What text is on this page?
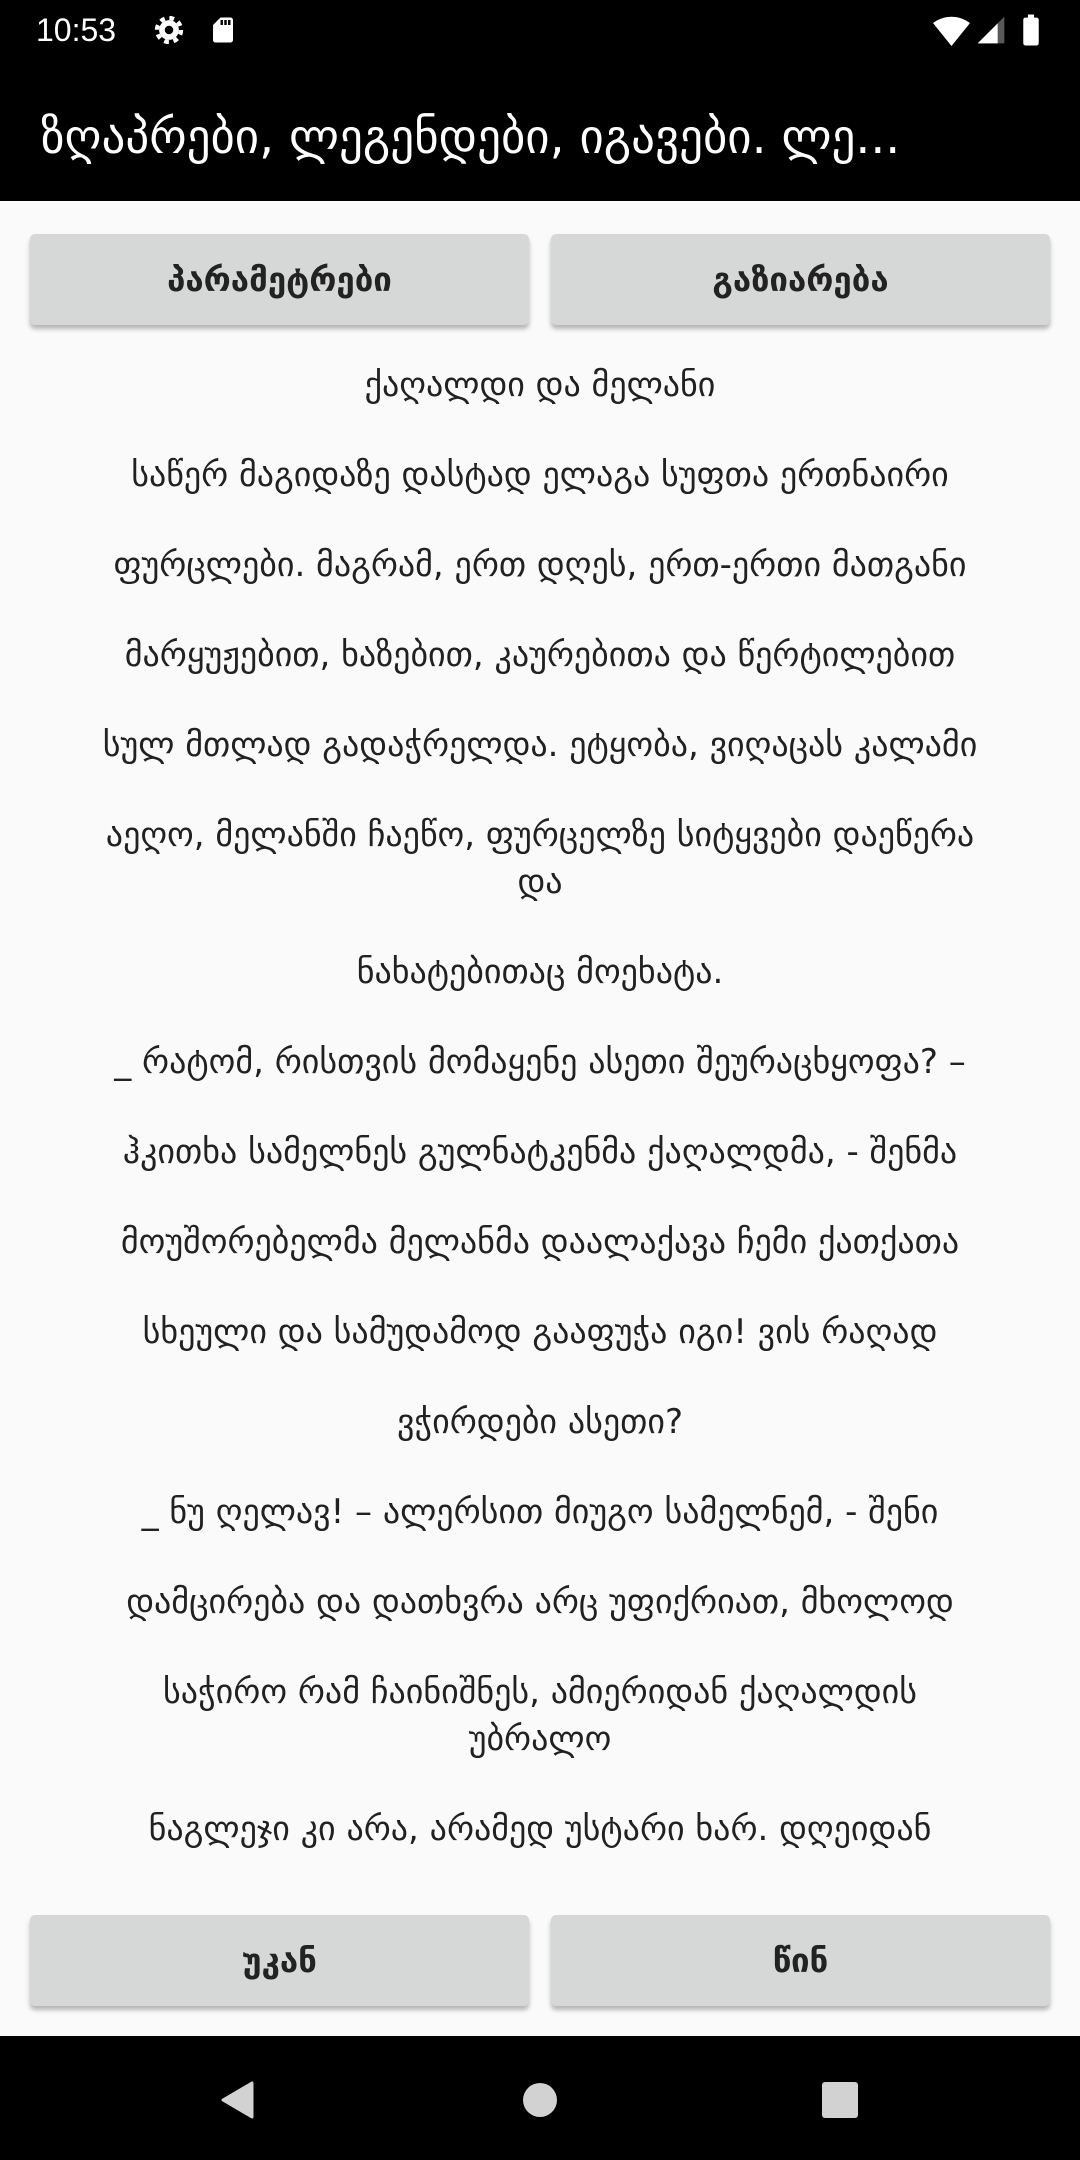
10:53
ზღაპრები, ლეგენდები, იგავები. ლე...
პარამეტრები	გაზიარება

ქაღალდი და მელანი

საწერ მაგიდაზე დასტად ელაგა სუფთა ერთნაირი

ფურცლები. მაგრამ, ერთ დღეს, ერთ-ერთი მათგანი

მარყუჟებით, ხაზებით, კაურებითა და წერტილებით

სულ მთლად გადაჭრელდა. ეტყობა, ვიღაცას კალამი

აეღო, მელანში ჩაეწო, ფურცელზე სიტყვები დაეწერა
და

ნახატებითაც მოეხატა.

_ რატომ, რისთვის მომაყენე ასეთი შეურაცხყოფა? –

ჰკითხა სამელნეს გულნატკენმა ქაღალდმა, - შენმა

მოუშორებელმა მელანმა დაალაქავა ჩემი ქათქათა

სხეული და სამუდამოდ გააფუჭა იგი! ვის რაღად

ვჭირდები ასეთი?

_ ნუ ღელავ! – ალერსით მიუგო სამელნემ, - შენი

დამცირება და დათხვრა არც უფიქრიათ, მხოლოდ

საჭირო რამ ჩაინიშნეს, ამიერიდან ქაღალდის
უბრალო

ნაგლეჯი კი არა, არამედ უსტარი ხარ. დღეიდან

უკან	წინ
